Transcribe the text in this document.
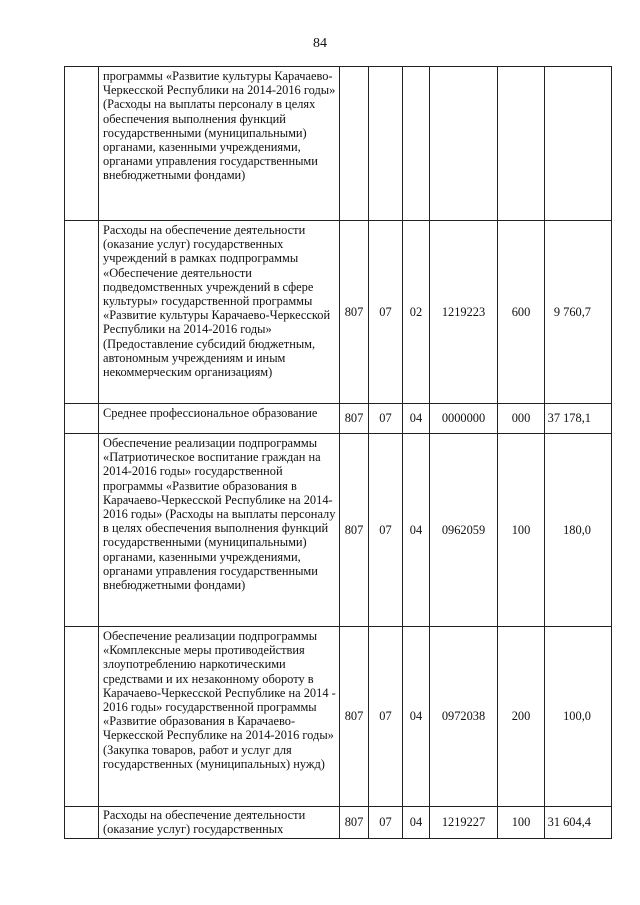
84
	программы «Развитие культуры Карачаево-Черкесской Республики на 2014-2016 годы» (Расходы на выплаты персоналу в целях обеспечения выполнения функций государственными (муниципальными) органами, казенными учреждениями, органами управления государственными внебюджетными фондами)						
	Расходы на обеспечение деятельности (оказание услуг) государственных учреждений в рамках подпрограммы «Обеспечение деятельности подведомственных учреждений в сфере культуры» государственной программы «Развитие культуры Карачаево-Черкесской Республики на 2014-2016 годы» (Предоставление субсидий бюджетным, автономным учреждениям и иным некоммерческим организациям)	807	07	02	1219223	600	9 760,7
	Среднее профессиональное образование	807	07	04	0000000	000	37 178,1
	Обеспечение реализации подпрограммы «Патриотическое воспитание граждан на 2014-2016 годы» государственной программы «Развитие образования в Карачаево-Черкесской Республике на 2014-2016 годы» (Расходы на выплаты персоналу в целях обеспечения выполнения функций государственными (муниципальными) органами, казенными учреждениями, органами управления государственными внебюджетными фондами)	807	07	04	0962059	100	180,0
	Обеспечение реализации подпрограммы «Комплексные меры противодействия злоупотреблению наркотическими средствами и их незаконному обороту в Карачаево-Черкесской Республике на 2014 - 2016 годы» государственной программы «Развитие образования в Карачаево-Черкесской Республике на 2014-2016 годы» (Закупка товаров, работ и услуг для государственных (муниципальных) нужд)	807	07	04	0972038	200	100,0
	Расходы на обеспечение деятельности (оказание услуг) государственных	807	07	04	1219227	100	31 604,4
